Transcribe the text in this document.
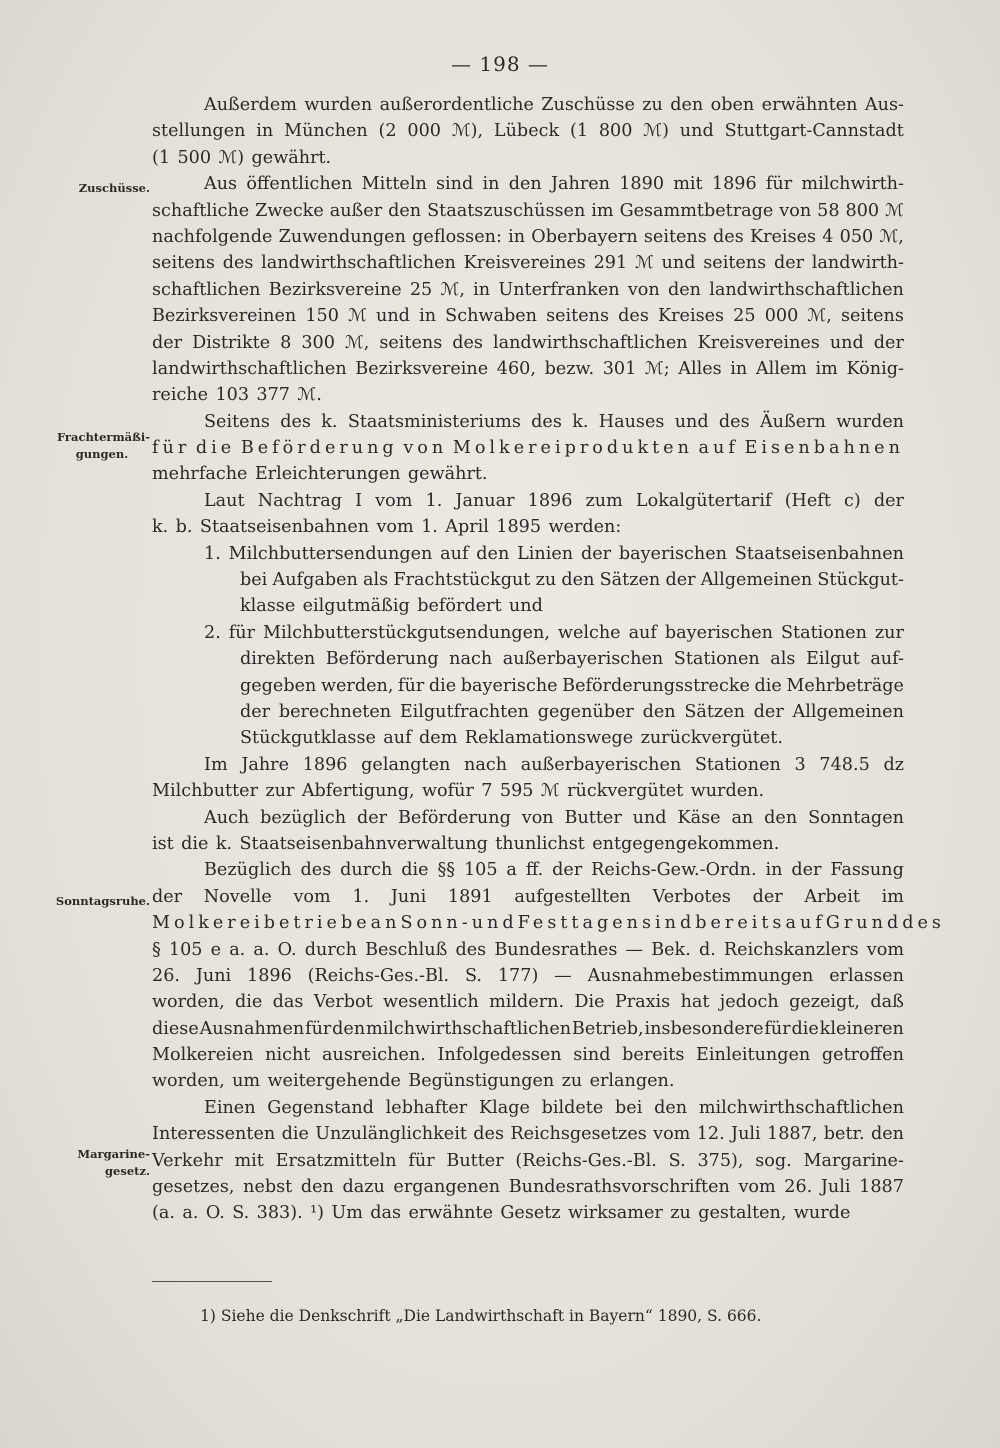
— 198 —
Zuschüsse.
Frachtermäßi-
gungen.
Sonntagsruhe.
Margarine-
gesetz.
Außerdem wurden außerordentliche Zuschüsse zu den oben erwähnten Aus-
stellungen in München (2 000 ℳ), Lübeck (1 800 ℳ) und Stuttgart-Cannstadt
(1 500 ℳ) gewährt.
Aus öffentlichen Mitteln sind in den Jahren 1890 mit 1896 für milchwirth-
schaftliche Zwecke außer den Staatszuschüssen im Gesammtbetrage von 58 800 ℳ
nachfolgende Zuwendungen geflossen: in Oberbayern seitens des Kreises 4 050 ℳ,
seitens des landwirthschaftlichen Kreisvereines 291 ℳ und seitens der landwirth-
schaftlichen Bezirksvereine 25 ℳ, in Unterfranken von den landwirthschaftlichen
Bezirksvereinen 150 ℳ und in Schwaben seitens des Kreises 25 000 ℳ, seitens
der Distrikte 8 300 ℳ, seitens des landwirthschaftlichen Kreisvereines und der
landwirthschaftlichen Bezirksvereine 460, bezw. 301 ℳ; Alles in Allem im König-
reiche 103 377 ℳ.
Seitens des k. Staatsministeriums des k. Hauses und des Äußern wurden
für die Beförderung von Molkereiprodukten auf Eisenbahnen
mehrfache Erleichterungen gewährt.
Laut Nachtrag I vom 1. Januar 1896 zum Lokalgütertarif (Heft c) der
k. b. Staatseisenbahnen vom 1. April 1895 werden:
1. Milchbuttersendungen auf den Linien der bayerischen Staatseisenbahnen
bei Aufgaben als Frachtstückgut zu den Sätzen der Allgemeinen Stückgut-
klasse eilgutmäßig befördert und
2. für Milchbutterstückgutsendungen, welche auf bayerischen Stationen zur
direkten Beförderung nach außerbayerischen Stationen als Eilgut auf-
gegeben werden, für die bayerische Beförderungsstrecke die Mehrbeträge
der berechneten Eilgutfrachten gegenüber den Sätzen der Allgemeinen
Stückgutklasse auf dem Reklamationswege zurückvergütet.
Im Jahre 1896 gelangten nach außerbayerischen Stationen 3 748.5 dz
Milchbutter zur Abfertigung, wofür 7 595 ℳ rückvergütet wurden.
Auch bezüglich der Beförderung von Butter und Käse an den Sonntagen
ist die k. Staatseisenbahnverwaltung thunlichst entgegengekommen.
Bezüglich des durch die §§ 105 a ff. der Reichs-Gew.-Ordn. in der Fassung
der Novelle vom 1. Juni 1891 aufgestellten Verbotes der Arbeit im
Molkereibetriebe an Sonn- und Festtagen sind bereits auf Grund des
§ 105 e a. a. O. durch Beschluß des Bundesrathes — Bek. d. Reichskanzlers vom
26. Juni 1896 (Reichs-Ges.-Bl. S. 177) — Ausnahmebestimmungen erlassen
worden, die das Verbot wesentlich mildern. Die Praxis hat jedoch gezeigt, daß
diese Ausnahmen für den milchwirthschaftlichen Betrieb, insbesondere für die kleineren
Molkereien nicht ausreichen. Infolgedessen sind bereits Einleitungen getroffen
worden, um weitergehende Begünstigungen zu erlangen.
Einen Gegenstand lebhafter Klage bildete bei den milchwirthschaftlichen
Interessenten die Unzulänglichkeit des Reichsgesetzes vom 12. Juli 1887, betr. den
Verkehr mit Ersatzmitteln für Butter (Reichs-Ges.-Bl. S. 375), sog. Margarine-
gesetzes, nebst den dazu ergangenen Bundesrathsvorschriften vom 26. Juli 1887
(a. a. O. S. 383). ¹) Um das erwähnte Gesetz wirksamer zu gestalten, wurde
1) Siehe die Denkschrift „Die Landwirthschaft in Bayern“ 1890, S. 666.
